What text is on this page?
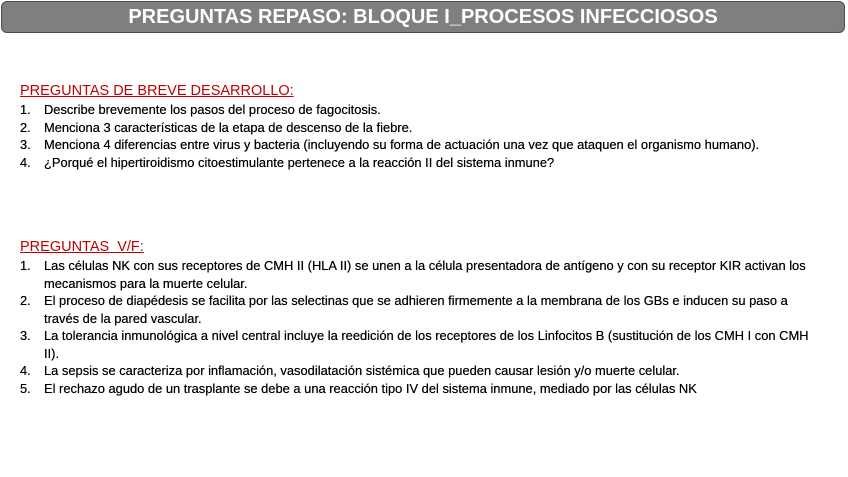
PREGUNTAS REPASO: BLOQUE I_PROCESOS INFECCIOSOS
PREGUNTAS DE BREVE DESARROLLO:
1. Describe brevemente los pasos del proceso de fagocitosis.
2. Menciona 3 características de la etapa de descenso de la fiebre.
3. Menciona 4 diferencias entre virus y bacteria (incluyendo su forma de actuación una vez que ataquen el organismo humano).
4. ¿Porqué el hipertiroidismo citoestimulante pertenece a la reacción II del sistema inmune?
PREGUNTAS  V/F:
1. Las células NK con sus receptores de CMH II (HLA II) se unen a la célula presentadora de antígeno y con su receptor KIR activan los mecanismos para la muerte celular.
2. El proceso de diapédesis se facilita por las selectinas que se adhieren firmemente a la membrana de los GBs e inducen su paso a través de la pared vascular.
3. La tolerancia inmunológica a nivel central incluye la reedición de los receptores de los Linfocitos B (sustitución de los CMH I con CMH II).
4. La sepsis se caracteriza por inflamación, vasodilatación sistémica que pueden causar lesión y/o muerte celular.
5. El rechazo agudo de un trasplante se debe a una reacción tipo IV del sistema inmune, mediado por las células NK
